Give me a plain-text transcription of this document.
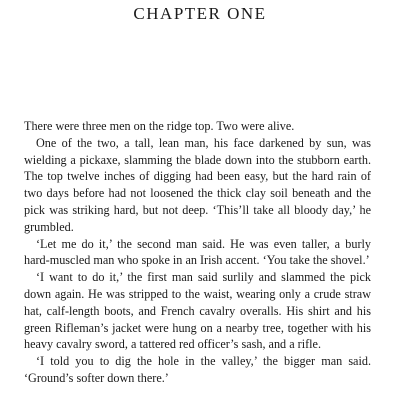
CHAPTER ONE

There were three men on the ridge top. Two were alive.

One of the two, a tall, lean man, his face darkened by sun, was wielding a pickaxe, slamming the blade down into the stubborn earth. The top twelve inches of digging had been easy, but the hard rain of two days before had not loosened the thick clay soil beneath and the pick was striking hard, but not deep. ‘This’ll take all bloody day,’ he grumbled.

‘Let me do it,’ the second man said. He was even taller, a burly hard-muscled man who spoke in an Irish accent. ‘You take the shovel.’

‘I want to do it,’ the first man said surlily and slammed the pick down again. He was stripped to the waist, wearing only a crude straw hat, calf-length boots, and French cavalry overalls. His shirt and his green Rifleman’s jacket were hung on a nearby tree, together with his heavy cavalry sword, a tattered red officer’s sash, and a rifle.

‘I told you to dig the hole in the valley,’ the bigger man said. ‘Ground’s softer down there.’
